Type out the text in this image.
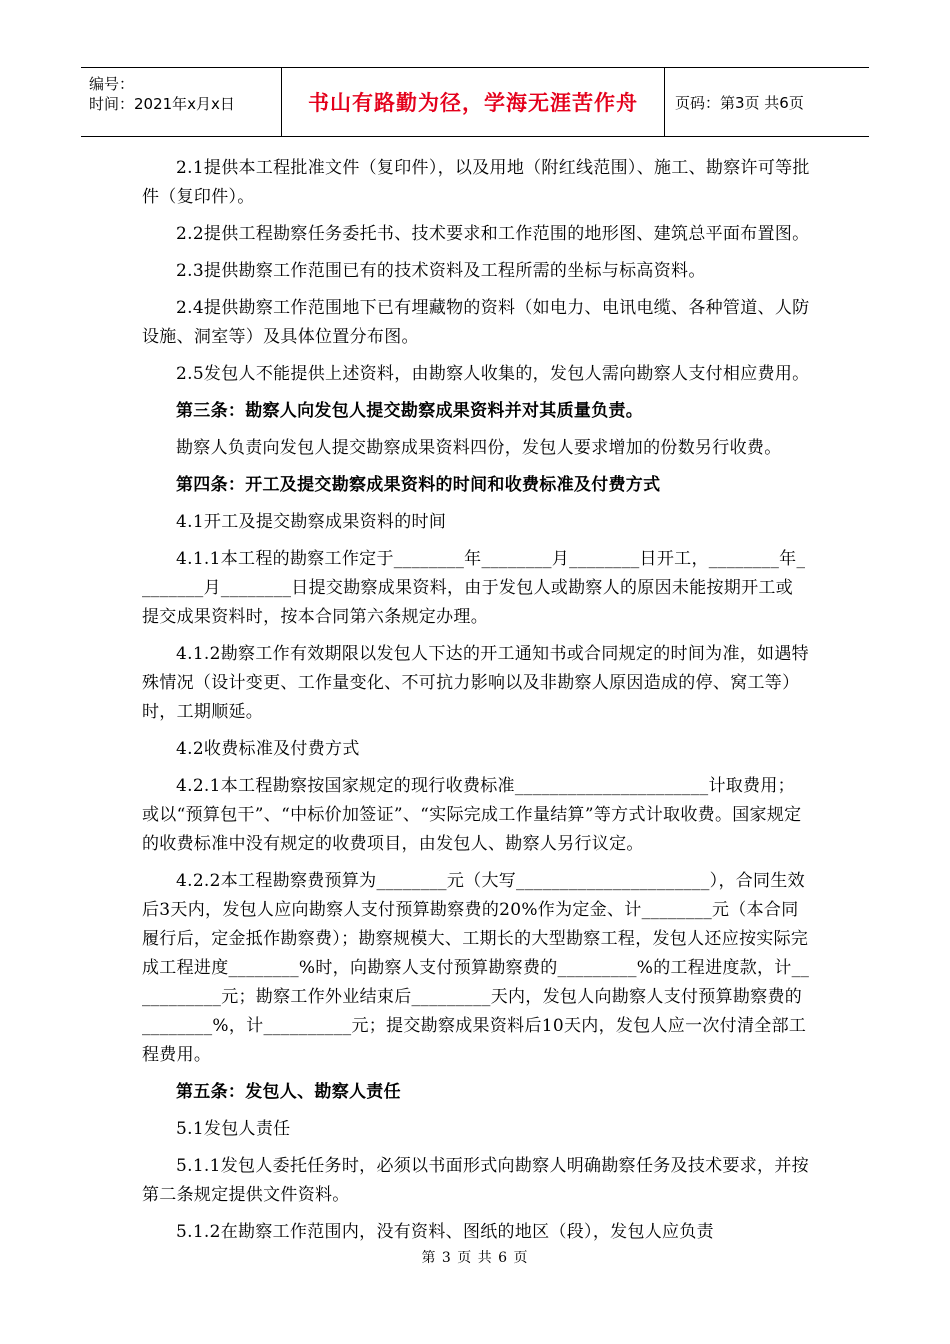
编号：
时间：2021年x月x日	书山有路勤为径，学海无涯苦作舟	页码：第3页 共6页

2.1提供本工程批准文件（复印件），以及用地（附红线范围）、施工、勘察许可等批件（复印件）。

2.2提供工程勘察任务委托书、技术要求和工作范围的地形图、建筑总平面布置图。

2.3提供勘察工作范围已有的技术资料及工程所需的坐标与标高资料。

2.4提供勘察工作范围地下已有埋藏物的资料（如电力、电讯电缆、各种管道、人防设施、洞室等）及具体位置分布图。

2.5发包人不能提供上述资料，由勘察人收集的，发包人需向勘察人支付相应费用。

第三条：勘察人向发包人提交勘察成果资料并对其质量负责。

勘察人负责向发包人提交勘察成果资料四份，发包人要求增加的份数另行收费。

第四条：开工及提交勘察成果资料的时间和收费标准及付费方式

4.1开工及提交勘察成果资料的时间

4.1.1本工程的勘察工作定于________年________月________日开工，________年________月________日提交勘察成果资料，由于发包人或勘察人的原因未能按期开工或提交成果资料时，按本合同第六条规定办理。

4.1.2勘察工作有效期限以发包人下达的开工通知书或合同规定的时间为准，如遇特殊情况（设计变更、工作量变化、不可抗力影响以及非勘察人原因造成的停、窝工等）时，工期顺延。

4.2收费标准及付费方式

4.2.1本工程勘察按国家规定的现行收费标准______________________计取费用；或以“预算包干”、“中标价加签证”、“实际完成工作量结算”等方式计取收费。国家规定的收费标准中没有规定的收费项目，由发包人、勘察人另行议定。

4.2.2本工程勘察费预算为________元（大写______________________），合同生效后3天内，发包人应向勘察人支付预算勘察费的20%作为定金、计________元（本合同履行后，定金抵作勘察费）；勘察规模大、工期长的大型勘察工程，发包人还应按实际完成工程进度________%时，向勘察人支付预算勘察费的_________%的工程进度款，计___________元；勘察工作外业结束后_________天内，发包人向勘察人支付预算勘察费的________%，计__________元；提交勘察成果资料后10天内，发包人应一次付清全部工程费用。

第五条：发包人、勘察人责任

5.1发包人责任

5.1.1发包人委托任务时，必须以书面形式向勘察人明确勘察任务及技术要求，并按第二条规定提供文件资料。

5.1.2在勘察工作范围内，没有资料、图纸的地区（段），发包人应负责

第 3 页 共 6 页
